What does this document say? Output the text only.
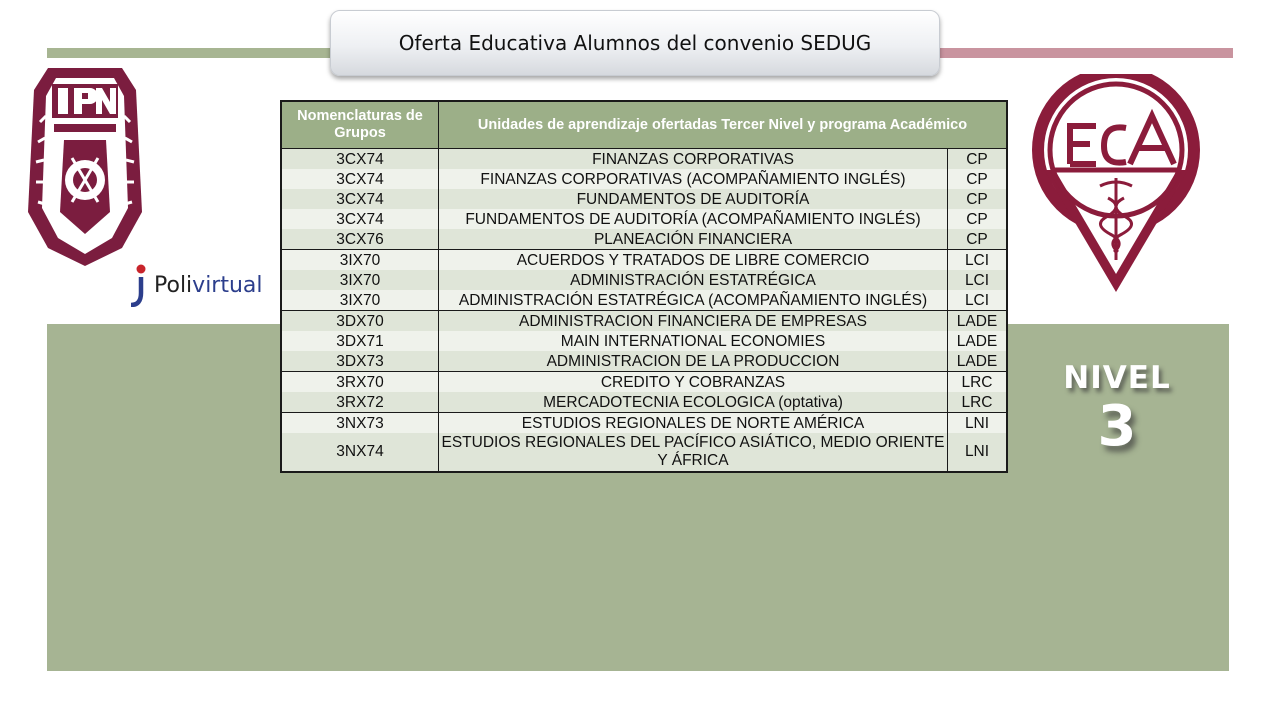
Oferta Educativa Alumnos del convenio SEDUG
Polivirtual
NIVEL
3
Nomenclaturas de Grupos	Unidades de aprendizaje ofertadas Tercer Nivel y programa Académico	
3CX74	FINANZAS CORPORATIVAS	CP
3CX74	FINANZAS CORPORATIVAS (ACOMPAÑAMIENTO INGLÉS)	CP
3CX74	FUNDAMENTOS DE AUDITORÍA	CP
3CX74	FUNDAMENTOS DE AUDITORÍA (ACOMPAÑAMIENTO INGLÉS)	CP
3CX76	PLANEACIÓN FINANCIERA	CP
3IX70	ACUERDOS Y TRATADOS DE LIBRE COMERCIO	LCI
3IX70	ADMINISTRACIÓN ESTATRÉGICA	LCI
3IX70	ADMINISTRACIÓN ESTATRÉGICA (ACOMPAÑAMIENTO INGLÉS)	LCI
3DX70	ADMINISTRACION FINANCIERA DE EMPRESAS	LADE
3DX71	MAIN INTERNATIONAL ECONOMIES	LADE
3DX73	ADMINISTRACION DE LA PRODUCCION	LADE
3RX70	CREDITO Y COBRANZAS	LRC
3RX72	MERCADOTECNIA ECOLOGICA (optativa)	LRC
3NX73	ESTUDIOS REGIONALES DE NORTE AMÉRICA	LNI
3NX74	ESTUDIOS REGIONALES DEL PACÍFICO ASIÁTICO, MEDIO ORIENTE Y ÁFRICA	LNI
